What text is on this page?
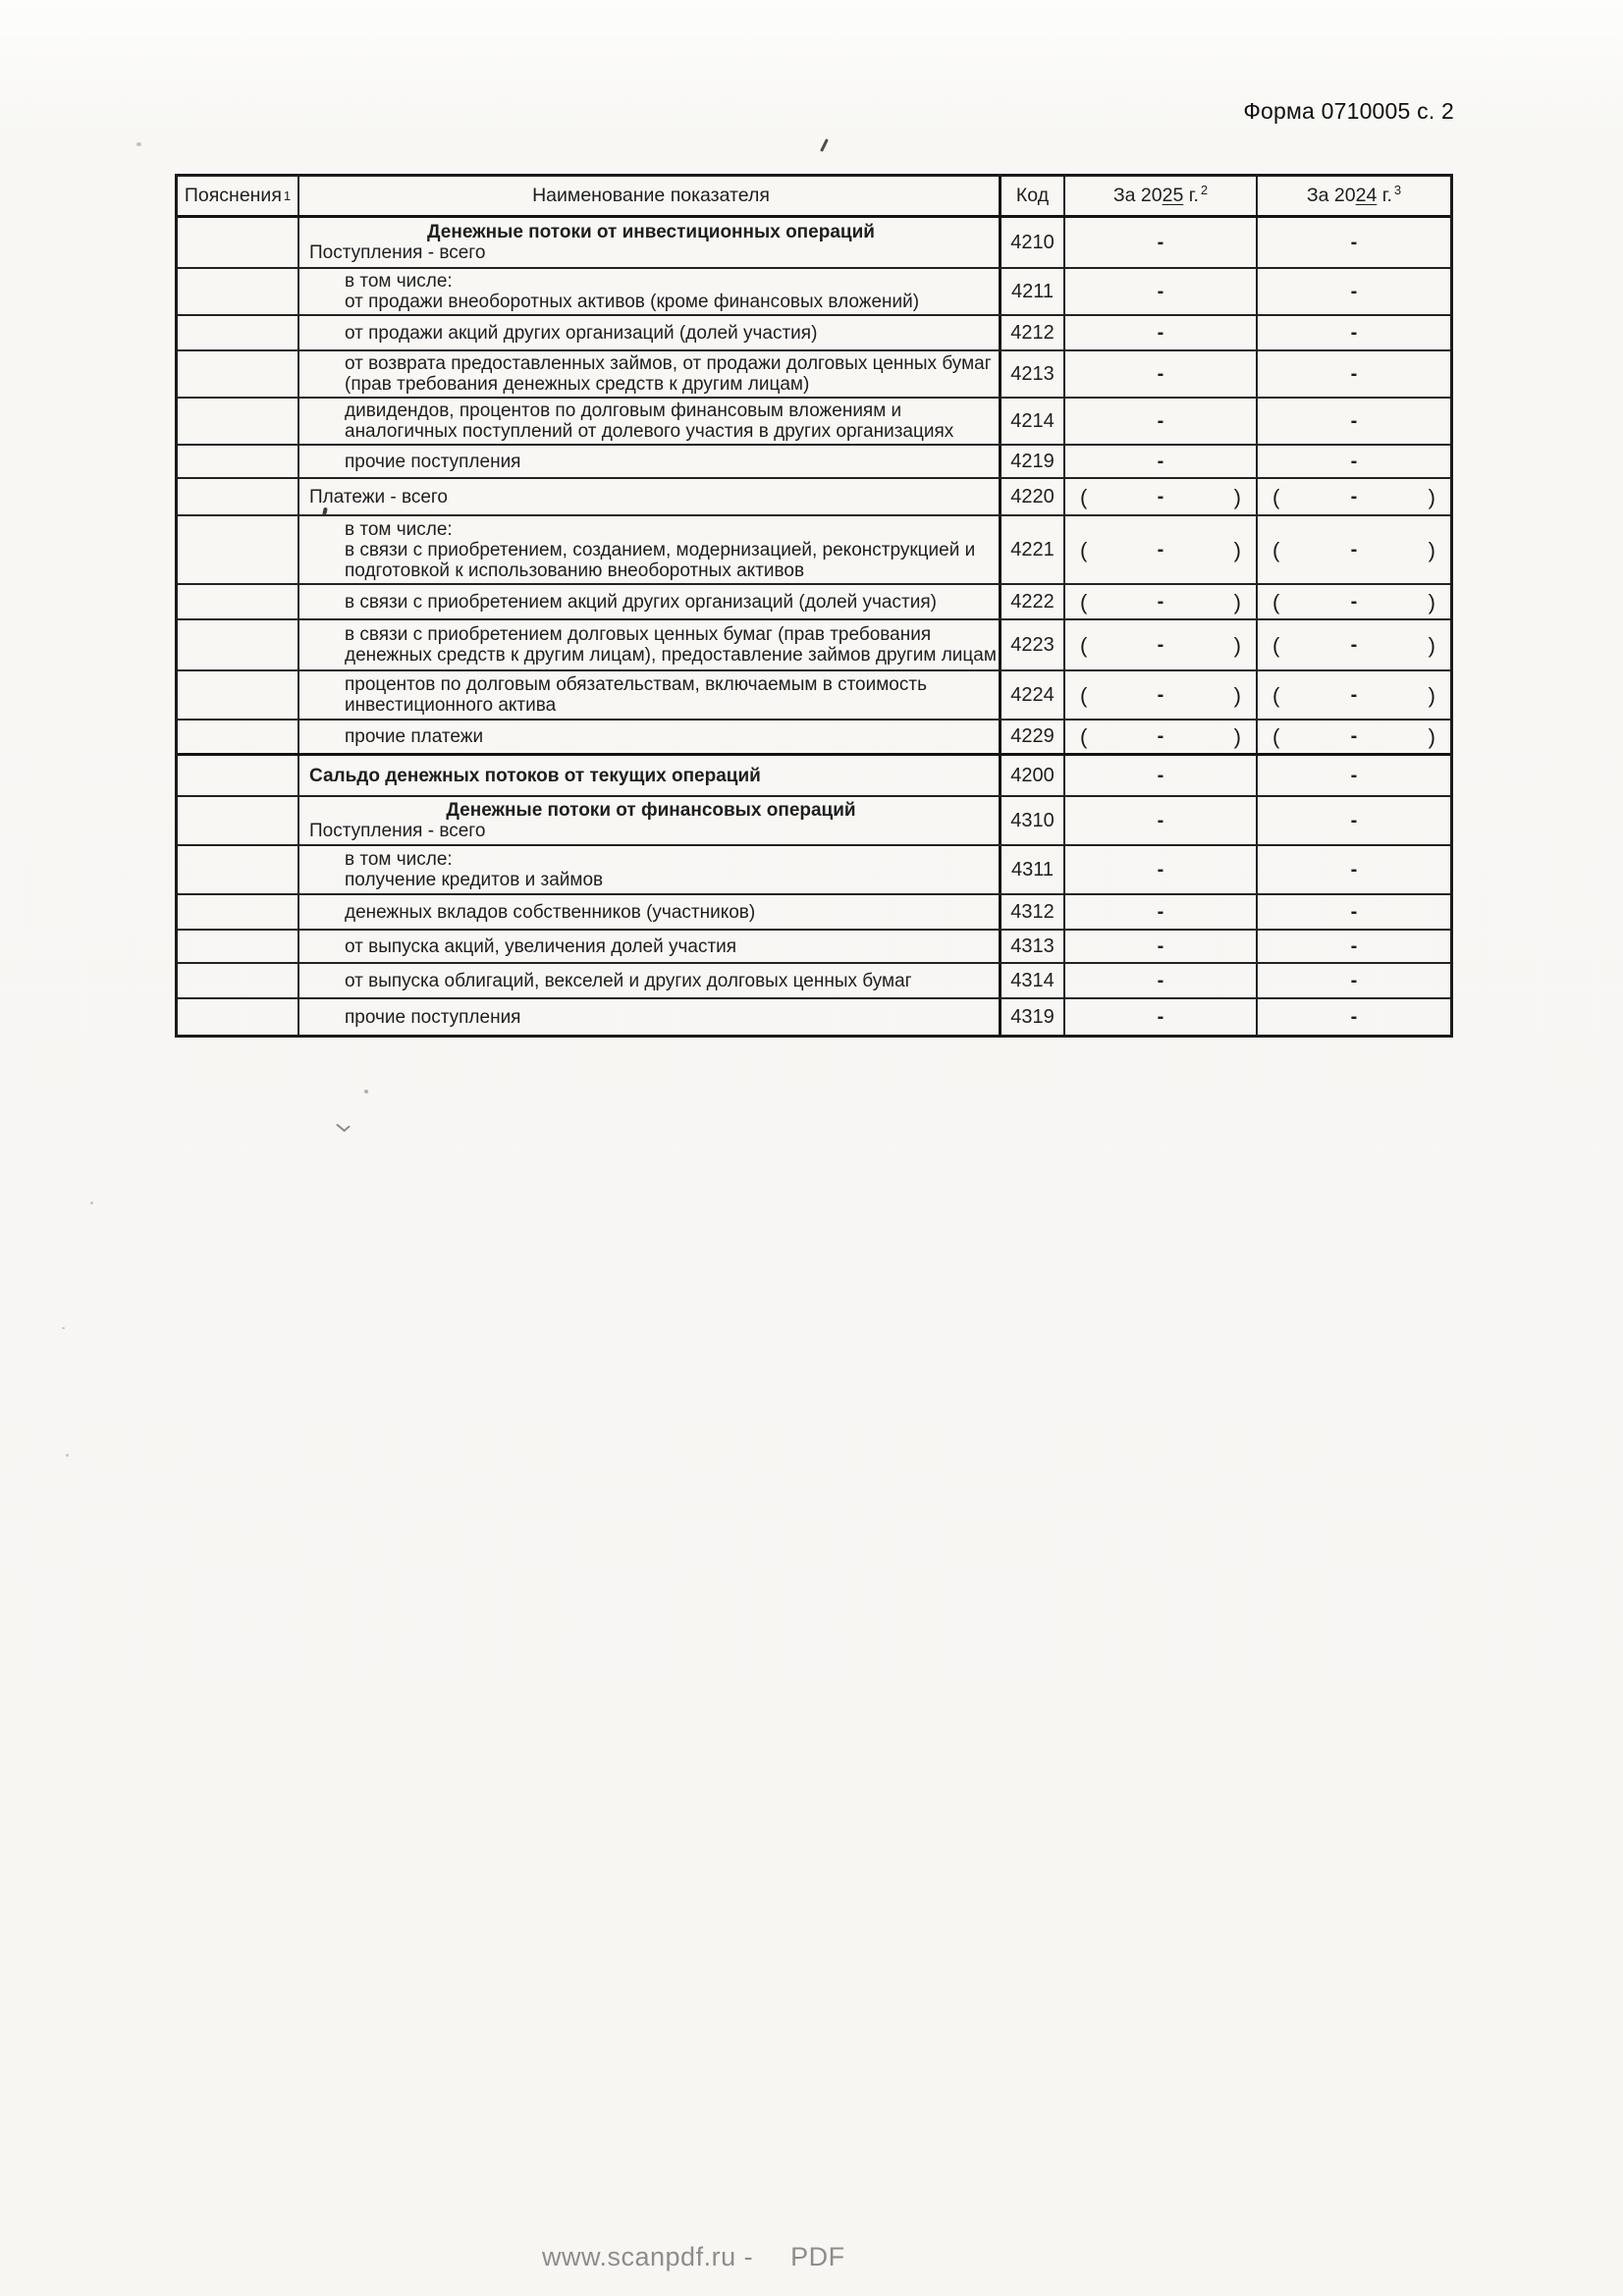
Форма 0710005 с. 2
Пояснения 1	Наименование показателя	Код	За 2025 г. $^2$	За 2024 г. $^3$
Денежные потоки от инвестиционных операций
Поступления - всего	4210	-	-
в том числе:
от продажи внеоборотных активов (кроме финансовых вложений)	4211	-	-
от продажи акций других организаций (долей участия)	4212	-	-
от возврата предоставленных займов, от продажи долговых ценных бумаг
(прав требования денежных средств к другим лицам)	4213	-	-
дивидендов, процентов по долговым финансовым вложениям и
аналогичных поступлений от долевого участия в других организациях	4214	-	-
прочие поступления	4219	-	-
Платежи - всего	4220	(	-	) (	-	)
в том числе:
в связи с приобретением, созданием, модернизацией, реконструкцией и
подготовкой к использованию внеоборотных активов
4221	(	-	) (	-	)
в связи с приобретением акций других организаций (долей участия)	4222	(	-	) (	-	)
в связи с приобретением долговых ценных бумаг (прав требования
денежных средств к другим лицам), предоставление займов другим лицам 4223	(	-	) (	-	)
процентов по долговым обязательствам, включаемым в стоимость
инвестиционного актива	4224	(	-	) (	-	)
прочие платежи	4229	(	-	) (	-	)
Сальдо денежных потоков от текущих операций	4200	-	-
Денежные потоки от финансовых операций
Поступления - всего	4310	-	-
в том числе:
получение кредитов и займов	4311	-	-
денежных вкладов собственников (участников)	4312	-	-
от выпуска акций, увеличения долей участия	4313	-	-
от выпуска облигаций, векселей и других долговых ценных бумаг	4314	-	-
прочие поступления	4319	-	-
www.scanpdf.ru - PDF
